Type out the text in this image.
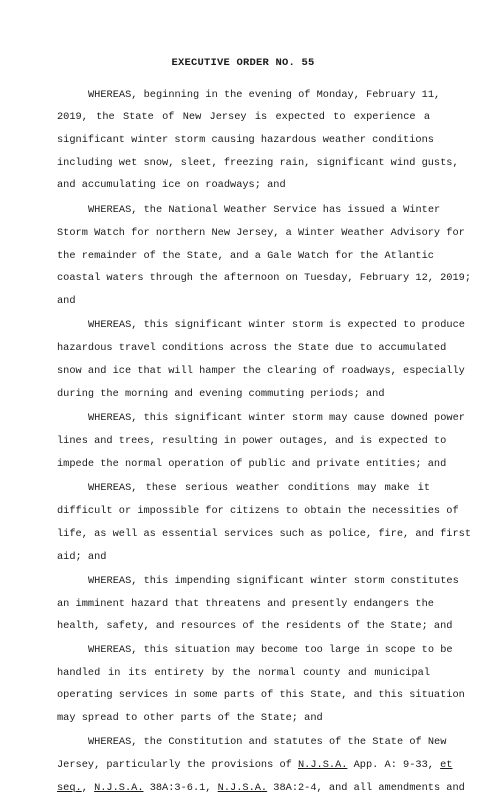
EXECUTIVE ORDER NO. 55
WHEREAS, beginning in the evening of Monday, February 11,
2019, the State of New Jersey is expected to experience a
significant winter storm causing hazardous weather conditions
including wet snow, sleet, freezing rain, significant wind gusts,
and accumulating ice on roadways; and
WHEREAS, the National Weather Service has issued a Winter
Storm Watch for northern New Jersey, a Winter Weather Advisory for
the remainder of the State, and a Gale Watch for the Atlantic
coastal waters through the afternoon on Tuesday, February 12, 2019;
and
WHEREAS, this significant winter storm is expected to produce
hazardous travel conditions across the State due to accumulated
snow and ice that will hamper the clearing of roadways, especially
during the morning and evening commuting periods; and
WHEREAS, this significant winter storm may cause downed power
lines and trees, resulting in power outages, and is expected to
impede the normal operation of public and private entities; and
WHEREAS, these serious weather conditions may make it
difficult or impossible for citizens to obtain the necessities of
life, as well as essential services such as police, fire, and first
aid; and
WHEREAS, this impending significant winter storm constitutes
an imminent hazard that threatens and presently endangers the
health, safety, and resources of the residents of the State; and
WHEREAS, this situation may become too large in scope to be
handled in its entirety by the normal county and municipal
operating services in some parts of this State, and this situation
may spread to other parts of the State; and
WHEREAS, the Constitution and statutes of the State of New
Jersey, particularly the provisions of N.J.S.A. App. A: 9-33, et
seq., N.J.S.A. 38A:3-6.1, N.J.S.A. 38A:2-4, and all amendments and
